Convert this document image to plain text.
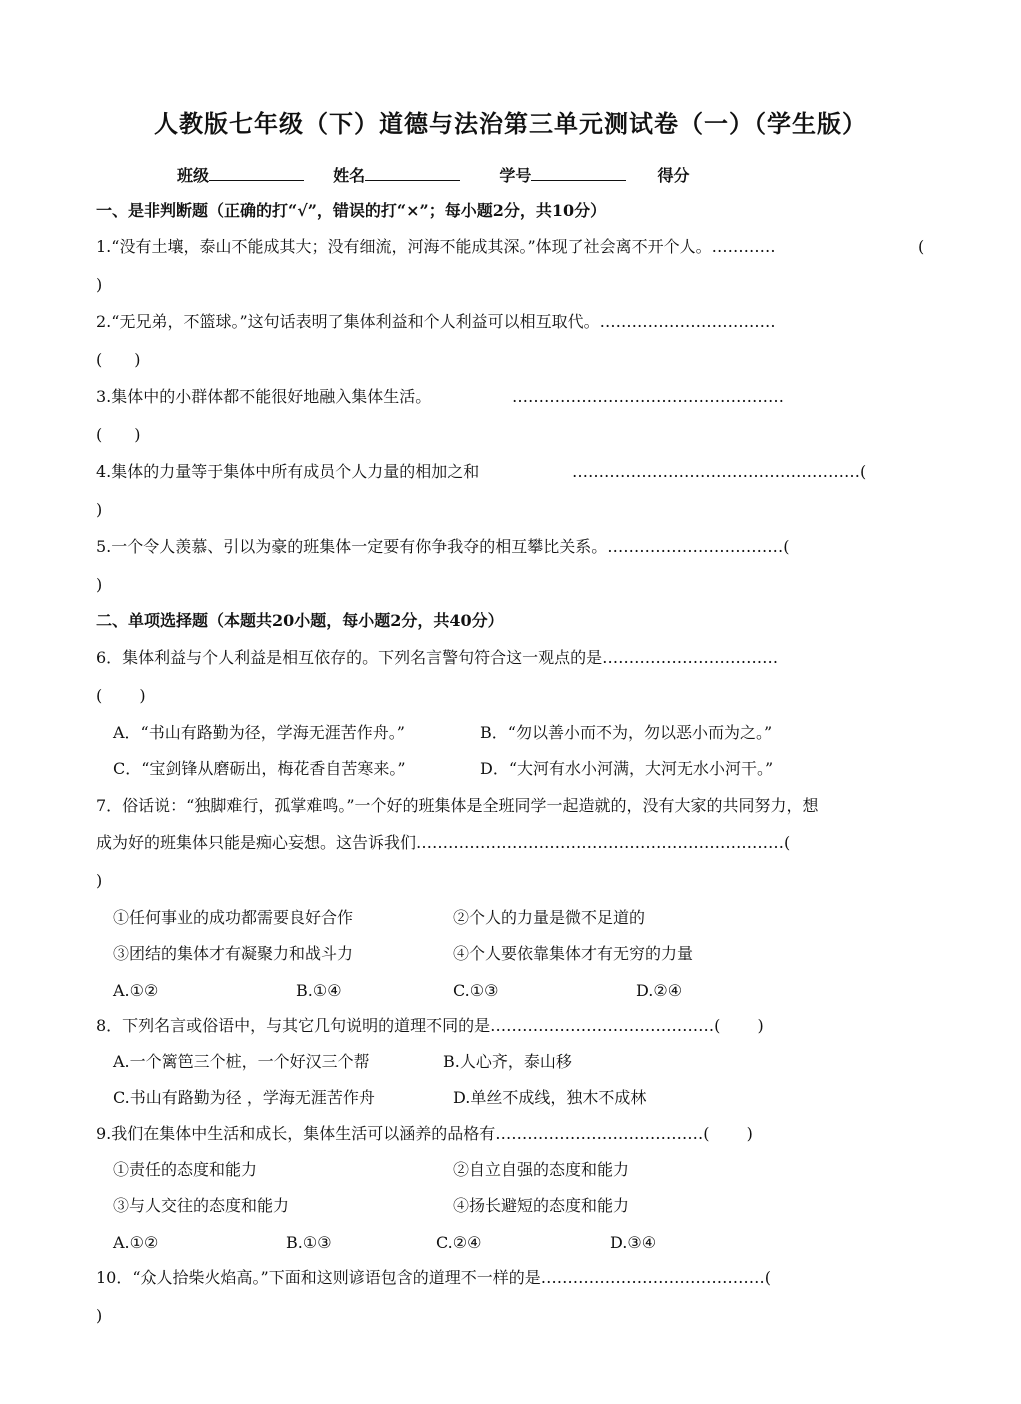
人教版七年级（下）道德与法治第三单元测试卷（一）（学生版）
班级	姓名	学号	得分
一、是非判断题（正确的打“√”，错误的打“×”；每小题2分，共10分）
1.“没有土壤，泰山不能成其大；没有细流，河海不能成其深。”体现了社会离不开个人。…………	(
)
2.“无兄弟，不篮球。”这句话表明了集体利益和个人利益可以相互取代。……………………………
(　　)
3.集体中的小群体都不能很好地融入集体生活。	……………………………………………
(　　)
4.集体的力量等于集体中所有成员个人力量的相加之和	………………………………………………(
)
5.一个令人羡慕、引以为豪的班集体一定要有你争我夺的相互攀比关系。……………………………(
)
二、单项选择题（本题共20小题，每小题2分，共40分）
6．集体利益与个人利益是相互依存的。下列名言警句符合这一观点的是……………………………
(　　 )
A．“书山有路勤为径，学海无涯苦作舟。”	B．“勿以善小而不为，勿以恶小而为之。”
C．“宝剑锋从磨砺出，梅花香自苦寒来。”	D．“大河有水小河满，大河无水小河干。”
7．俗话说：“独脚难行，孤掌难鸣。”一个好的班集体是全班同学一起造就的，没有大家的共同努力，想
成为好的班集体只能是痴心妄想。这告诉我们……………………………………………………………(
)
①任何事业的成功都需要良好合作	②个人的力量是微不足道的
③团结的集体才有凝聚力和战斗力	④个人要依靠集体才有无穷的力量
A.①②	B.①④	C.①③	D.②④
8．下列名言或俗语中，与其它几句说明的道理不同的是……………………………………(　　 )
A.一个篱笆三个桩，一个好汉三个帮	B.人心齐，泰山移
C.书山有路勤为径 ，学海无涯苦作舟	D.单丝不成线，独木不成林
9.我们在集体中生活和成长，集体生活可以涵养的品格有…………………………………(　　 )
①责任的态度和能力	②自立自强的态度和能力
③与人交往的态度和能力	④扬长避短的态度和能力
A.①②	B.①③	C.②④	D.③④
10．“众人拾柴火焰高。”下面和这则谚语包含的道理不一样的是……………………………………(
)
